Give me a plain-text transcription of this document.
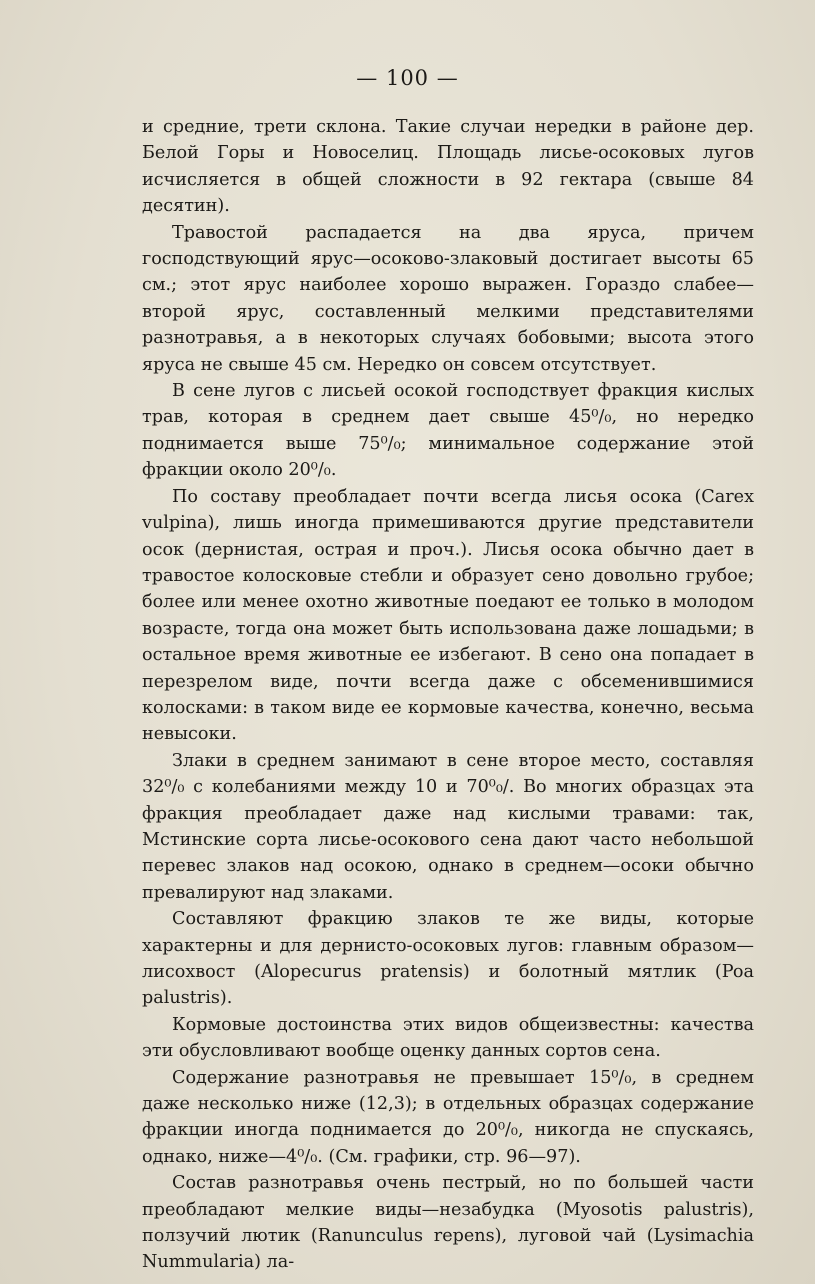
— 100 —

и средние, трети склона. Такие случаи нередки в районе дер. Белой Горы и Новоселиц. Площадь лисье-осоковых лугов исчисляется в общей сложности в 92 гектара (свыше 84 десятин).

Травостой распадается на два яруса, причем господствующий ярус—осоково-злаковый достигает высоты 65 см.; этот ярус наиболее хорошо выражен. Гораздо слабее—второй ярус, составленный мелкими представителями разнотравья, а в некоторых случаях бобовыми; высота этого яруса не свыше 45 см. Нередко он совсем отсутствует.

В сене лугов с лисьей осокой господствует фракция кислых трав, которая в среднем дает свыше 45⁰/₀, но нередко поднимается выше 75⁰/₀; минимальное содержание этой фракции около 20⁰/₀.

По составу преобладает почти всегда лисья осока (Carex vulpina), лишь иногда примешиваются другие представители осок (дернистая, острая и проч.). Лисья осока обычно дает в травостое колосковые стебли и образует сено довольно грубое; более или менее охотно животные поедают ее только в молодом возрасте, тогда она может быть использована даже лошадьми; в остальное время животные ее избегают. В сено она попадает в перезрелом виде, почти всегда даже с обсеменившимися колосками: в таком виде ее кормовые качества, конечно, весьма невысоки.

Злаки в среднем занимают в сене второе место, составляя 32⁰/₀ с колебаниями между 10 и 70⁰₀/. Во многих образцах эта фракция преобладает даже над кислыми травами: так, Мстинские сорта лисье-осокового сена дают часто небольшой перевес злаков над осокою, однако в среднем—осоки обычно превалируют над злаками.

Составляют фракцию злаков те же виды, которые характерны и для дернисто-осоковых лугов: главным образом—лисохвост (Alopecurus pratensis) и болотный мятлик (Poa palustris).

Кормовые достоинства этих видов общеизвестны: качества эти обусловливают вообще оценку данных сортов сена.

Содержание разнотравья не превышает 15⁰/₀, в среднем даже несколько ниже (12,3); в отдельных образцах содержание фракции иногда поднимается до 20⁰/₀, никогда не спускаясь, однако, ниже—4⁰/₀. (См. графики, стр. 96—97).

Состав разнотравья очень пестрый, но по большей части преобладают мелкие виды—незабудка (Myosotis palustris), ползучий лютик (Ranunculus repens), луговой чай (Lysimachia Nummularia) ла-
